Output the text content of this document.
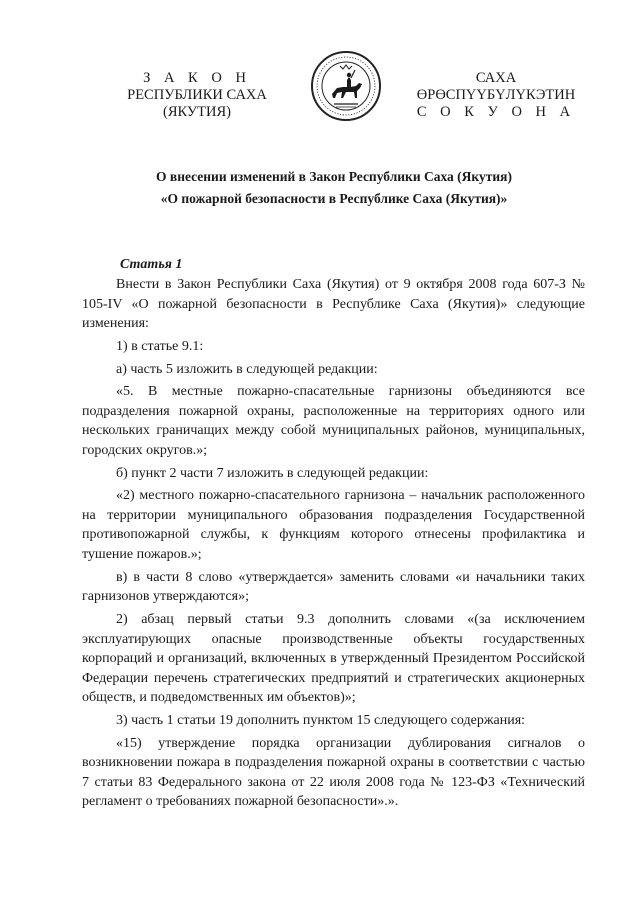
З А К О Н
РЕСПУБЛИКИ САХА (ЯКУТИЯ)
САХА ӨРӨСПҮҮБҮЛҮКЭТИН
С О К У О Н А
О внесении изменений в Закон Республики Саха (Якутия)
«О пожарной безопасности в Республике Саха (Якутия)»
Статья 1

Внести в Закон Республики Саха (Якутия) от 9 октября 2008 года 607-З № 105-IV «О пожарной безопасности в Республике Саха (Якутия)» следующие изменения:

1) в статье 9.1:

а) часть 5 изложить в следующей редакции:

«5. В местные пожарно-спасательные гарнизоны объединяются все подразделения пожарной охраны, расположенные на территориях одного или нескольких граничащих между собой муниципальных районов, муниципальных, городских округов.»;

б) пункт 2 части 7 изложить в следующей редакции:

«2) местного пожарно-спасательного гарнизона – начальник расположенного на территории муниципального образования подразделения Государственной противопожарной службы, к функциям которого отнесены профилактика и тушение пожаров.»;

в) в части 8 слово «утверждается» заменить словами «и начальники таких гарнизонов утверждаются»;

2) абзац первый статьи 9.3 дополнить словами «(за исключением эксплуатирующих опасные производственные объекты государственных корпораций и организаций, включенных в утвержденный Президентом Российской Федерации перечень стратегических предприятий и стратегических акционерных обществ, и подведомственных им объектов)»;

3) часть 1 статьи 19 дополнить пунктом 15 следующего содержания:

«15) утверждение порядка организации дублирования сигналов о возникновении пожара в подразделения пожарной охраны в соответствии с частью 7 статьи 83 Федерального закона от 22 июля 2008 года № 123-ФЗ «Технический регламент о требованиях пожарной безопасности».».
